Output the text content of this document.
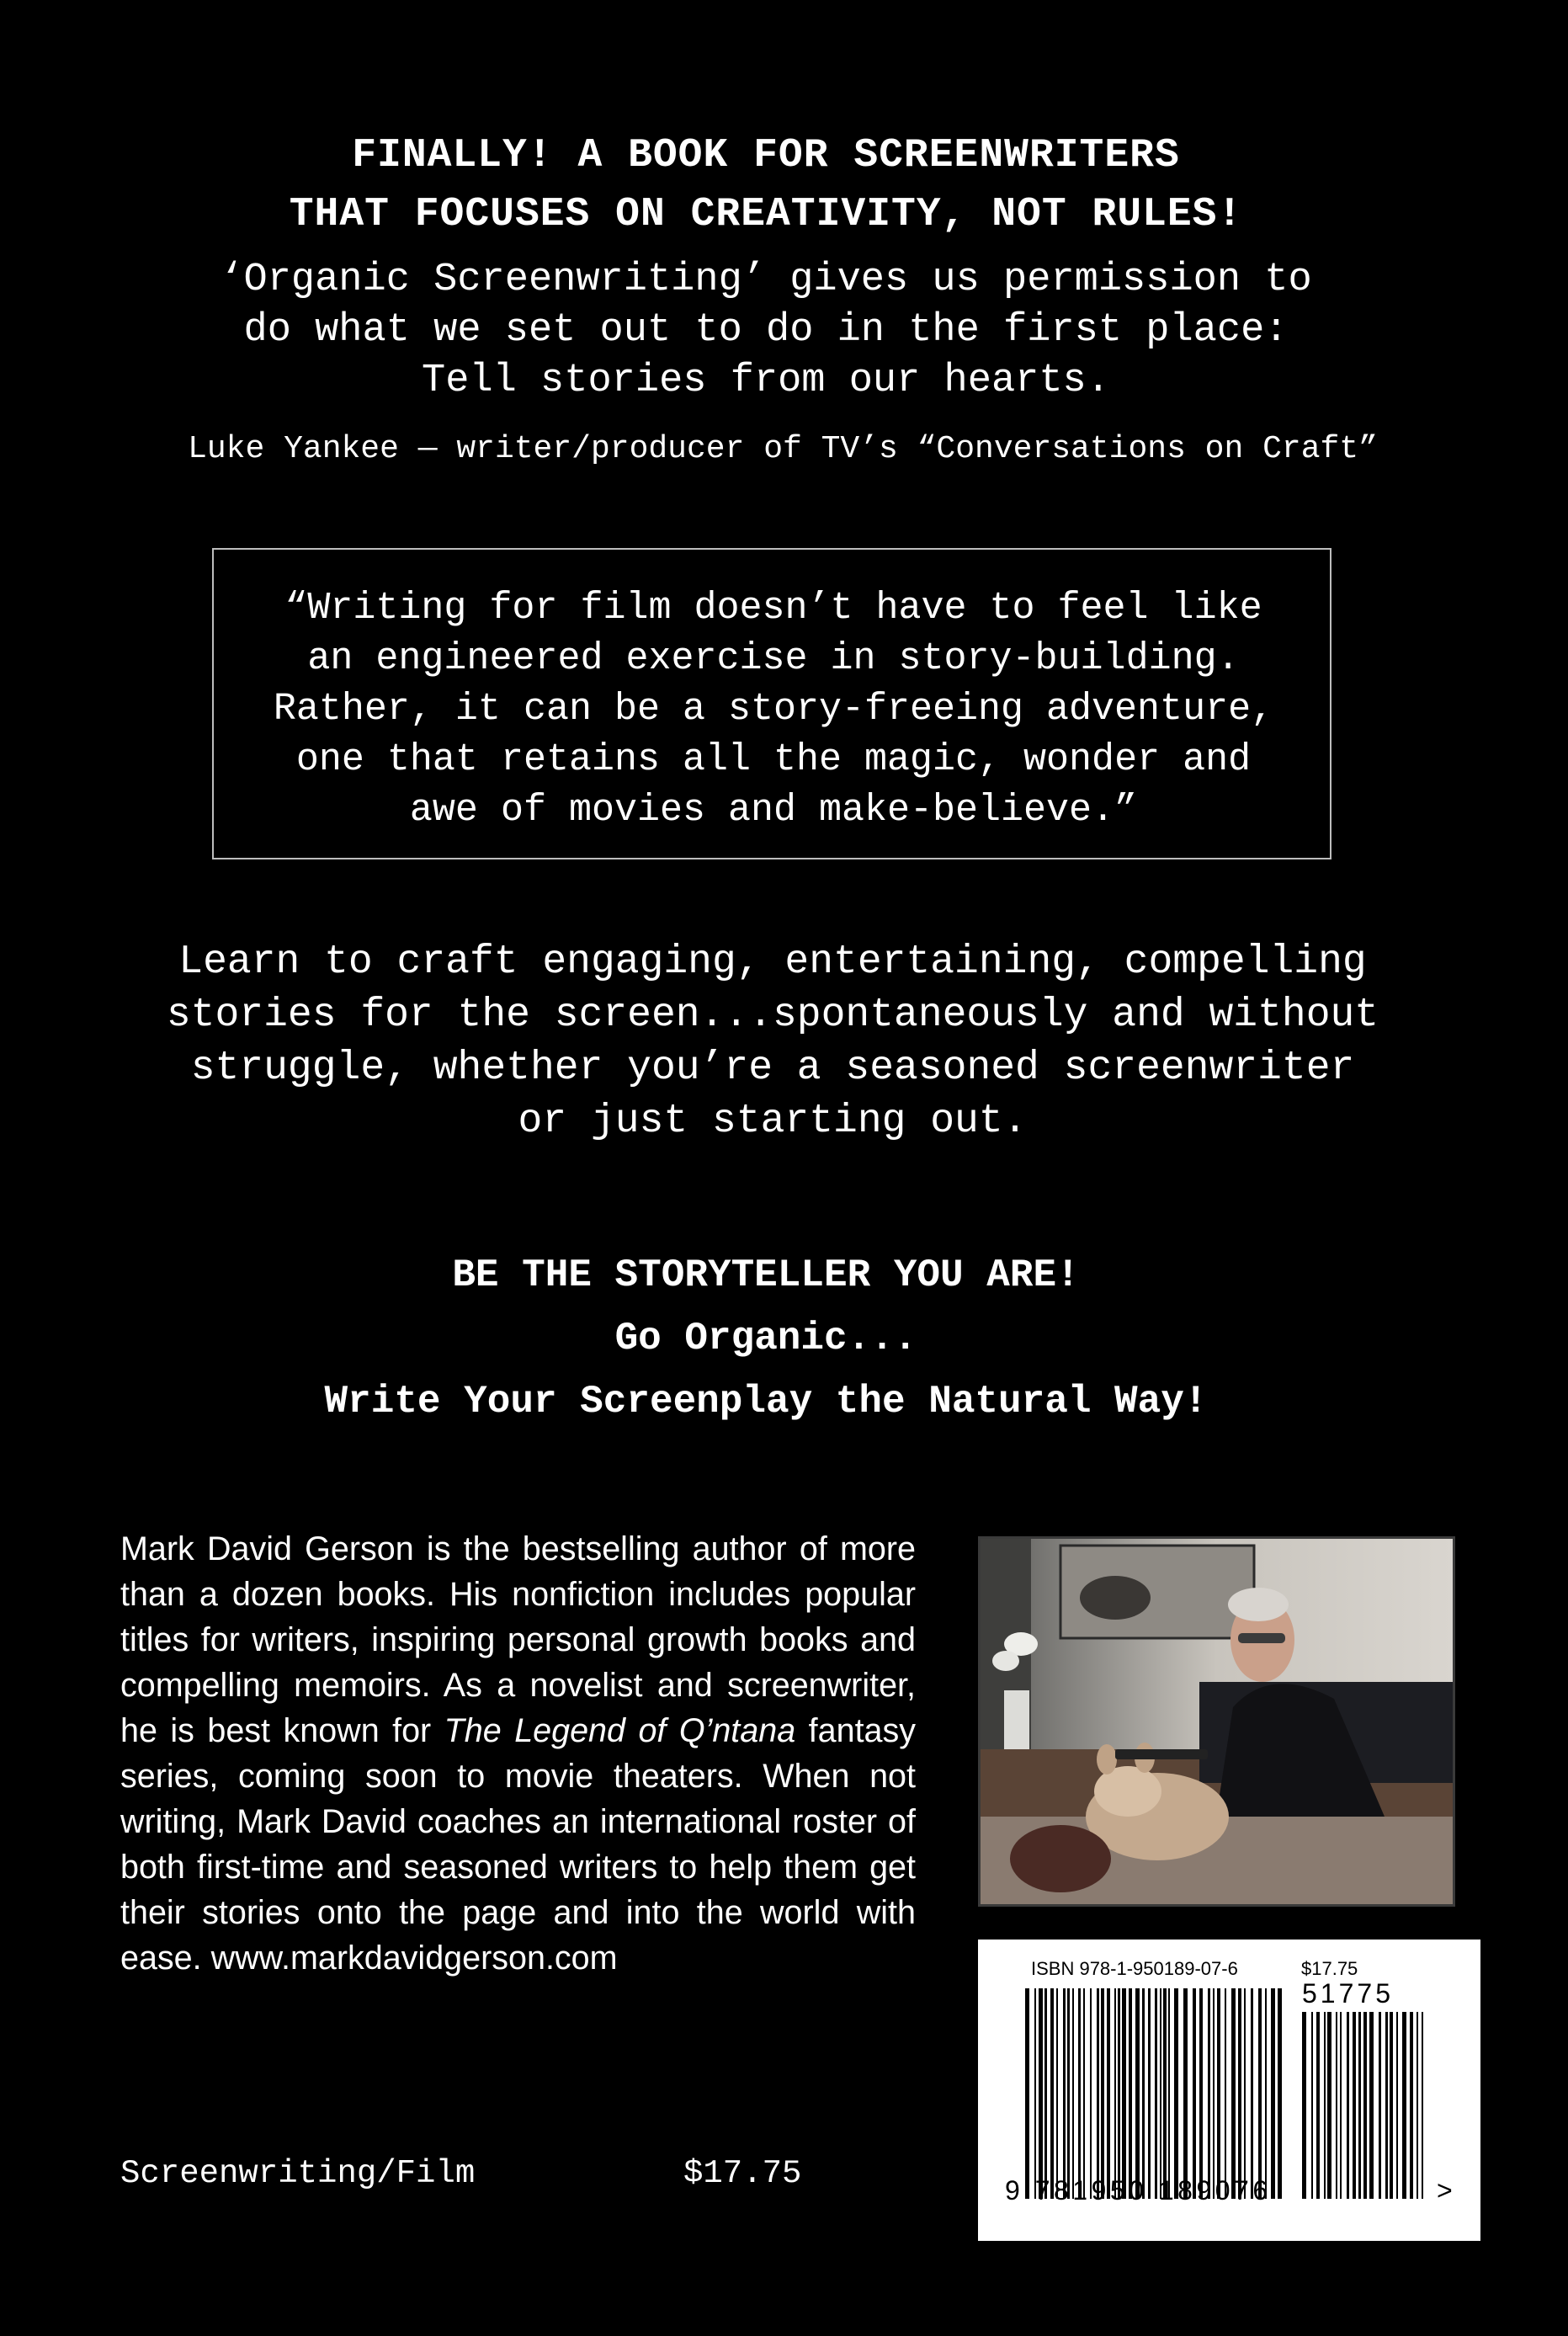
FINALLY! A BOOK FOR SCREENWRITERS
THAT FOCUSES ON CREATIVITY, NOT RULES!
‘Organic Screenwriting’ gives us permission to
do what we set out to do in the first place:
Tell stories from our hearts.
Luke Yankee — writer/producer of TV’s “Conversations on Craft”
“Writing for film doesn’t have to feel like
an engineered exercise in story-building.
Rather, it can be a story-freeing adventure,
one that retains all the magic, wonder and
awe of movies and make-believe.”
Learn to craft engaging, entertaining, compelling
stories for the screen...spontaneously and without
struggle, whether you’re a seasoned screenwriter
or just starting out.
BE THE STORYTELLER YOU ARE!
Go Organic...
Write Your Screenplay the Natural Way!
Mark David Gerson is the bestselling author of more than a dozen books. His nonfiction includes popular titles for writers, inspiring personal growth books and compelling memoirs. As a novelist and screenwriter, he is best known for The Legend of Q’ntana fantasy series, coming soon to movie theaters. When not writing, Mark David coaches an international roster of both first-time and seasoned writers to help them get their stories onto the page and into the world with ease. www.markdavidgerson.com
Screenwriting/Film	$17.75
ISBN 978-1-950189-07-6	$17.75
51775
9 781950 189076	>
